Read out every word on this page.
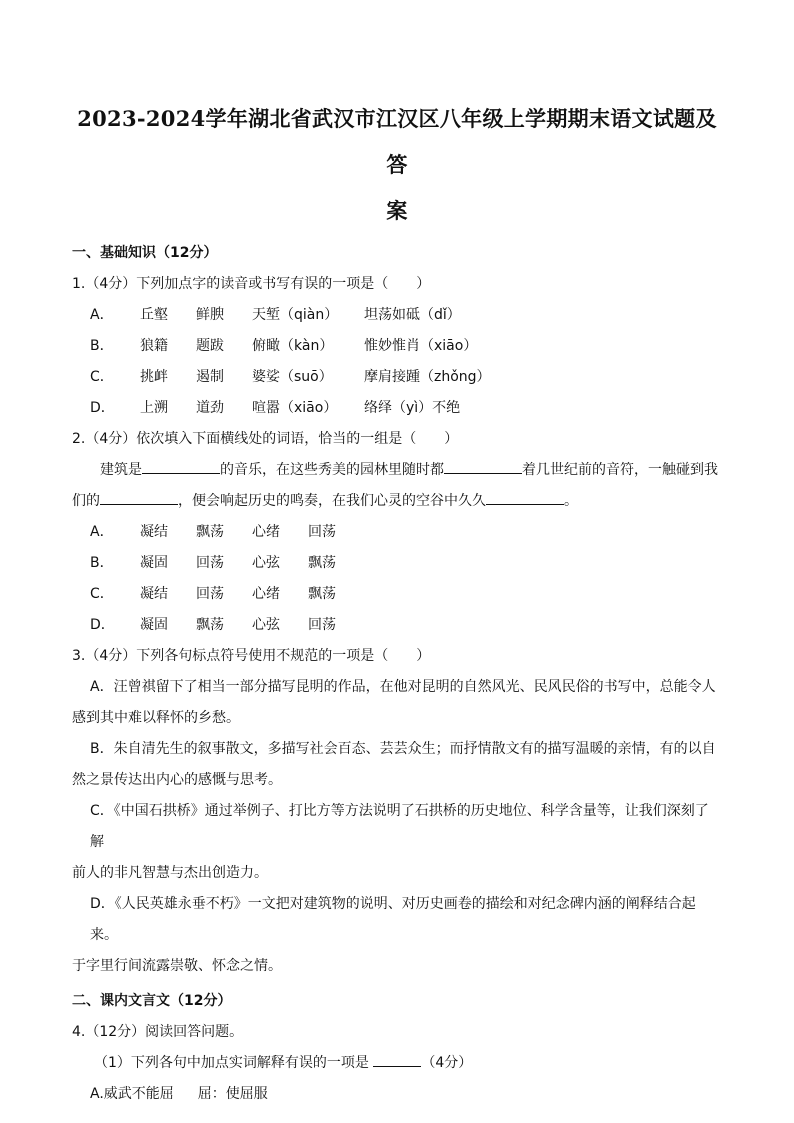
2023-2024学年湖北省武汉市江汉区八年级上学期期末语文试题及答
案
一、基础知识（12分）
1.（4分）下列加点字的读音或书写有误的一项是（　　）
A． 丘壑 鲜腴 天堑（qiàn） 坦荡如砥（dǐ）
B． 狼籍 题跋 俯瞰（kàn） 惟妙惟肖（xiāo）
C． 挑衅 遏制 婆娑（suō） 摩肩接踵（zhǒng）
D． 上溯 道劲 喧嚣（xiāo） 络绎（yì）不绝
2.（4分）依次填入下面横线处的词语，恰当的一组是（　　）
建筑是	的音乐，在这些秀美的园林里随时都	着几世纪前的音符，一触碰到我们的	，便会响起历史的鸣奏，在我们心灵的空谷中久久	。
A． 凝结 飘荡 心绪 回荡
B． 凝固 回荡 心弦 飘荡
C． 凝结 回荡 心绪 飘荡
D． 凝固 飘荡 心弦 回荡
3.（4分）下列各句标点符号使用不规范的一项是（　　）
A．汪曾祺留下了相当一部分描写昆明的作品，在他对昆明的自然风光、民风民俗的书写中，总能令人
感到其中难以释怀的乡愁。
B．朱自清先生的叙事散文，多描写社会百态、芸芸众生；而抒情散文有的描写温暖的亲情，有的以自
然之景传达出内心的感慨与思考。
C．《中国石拱桥》通过举例子、打比方等方法说明了石拱桥的历史地位、科学含量等，让我们深刻了解
前人的非凡智慧与杰出创造力。
D．《人民英雄永垂不朽》一文把对建筑物的说明、对历史画卷的描绘和对纪念碑内涵的阐释结合起来。
于字里行间流露崇敬、怀念之情。
二、课内文言文（12分）
4.（12分）阅读回答问题。
（1）下列各句中加点实词解释有误的一项是	（4分）
A.威武不能屈 屈：使屈服
